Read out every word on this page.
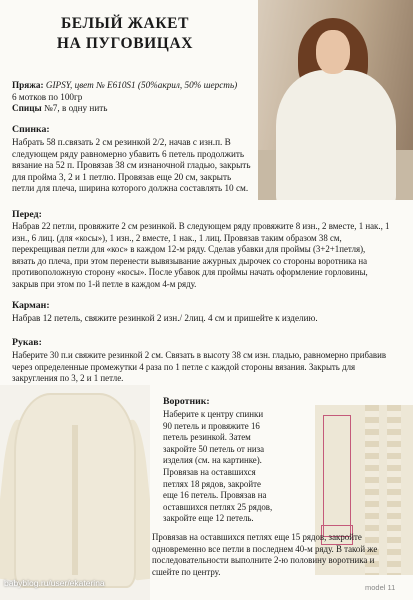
БЕЛЫЙ ЖАКЕТ
НА ПУГОВИЦАХ
Пряжа: GIPSY, цвет № Е610S1 (50%акрил, 50% шерсть)
6 мотков по 100гр
Спицы №7, в одну нить
Спинка:
Набрать 58 п.связать 2 см резинкой 2/2, начав с изн.п. В
следующем ряду равномерно убавить 6 петель продолжить
вязание на 52 п. Провязав 38 см изнаночной гладью, закрыть
для пройма 3, 2 и 1 петлю. Провязав еще 20 см, закрыть
петли для плеча, ширина которого должна составлять 10 см.
Перед:
Набрав 22 петли, провяжите 2 см резинкой. В следующем ряду провяжите 8 изн., 2 вместе, 1 нак., 1
изн., 6 лиц. (для «косы»), 1 изн., 2 вместе, 1 нак., 1 лиц. Провязав таким образом 38 см,
перекрещивая петли для «кос» в каждом 12-м ряду. Сделав убавки для проймы (3+2+1петля),
вязать до плеча, при этом перенести вывязывание ажурных дырочек со стороны воротника на
противоположную сторону «косы». После убавок для проймы начать оформление горловины,
закрыв при этом по 1-й петле в каждом 4-м ряду.
Карман:
Набрав 12 петель, свяжите резинкой 2 изн./ 2лиц. 4 см и пришейте к изделию.
Рукав:
Наберите 30 п.и свяжите резинкой 2 см. Связать в высоту 38 см изн. гладью, равномерно прибавив
через определенные промежутки 4 раза по 1 петле с каждой стороны вязания. Закрыть для
закругления по 3, 2 и 1 петле.
Воротник:
Наберите к центру спинки
90 петель и провяжите 16
петель резинкой. Затем
закройте 50 петель от низа
изделия (см. на картинке).
Провязав на оставшихся
петлях 18 рядов, закройте
еще 16 петель. Провязав на
оставшихся петлях 25 рядов,
закройте еще 12 петель.
Провязав на оставшихся петлях еще 15 рядов, закройте
одновременно все петли в последнем 40-м ряду. В такой же
последовательности выполните 2-ю половину воротника и
сшейте по центру.
babyblog.ru/user/ekaterina	model 11
